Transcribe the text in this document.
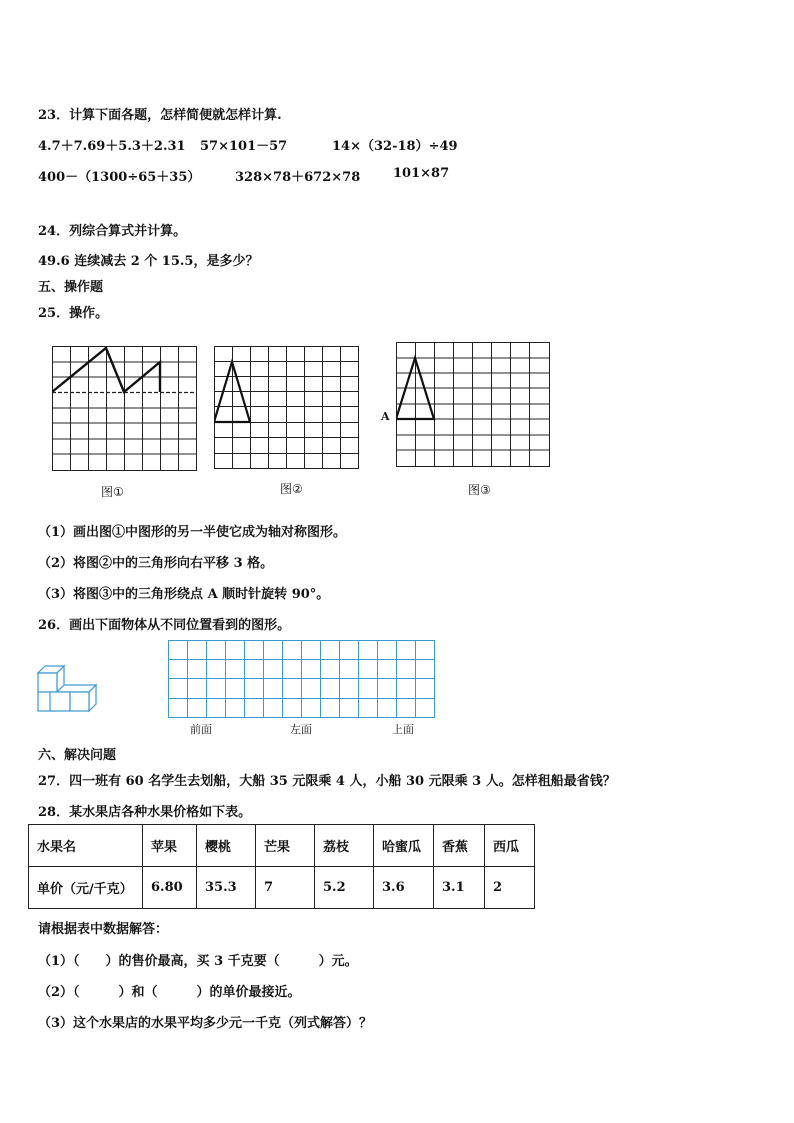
23．计算下面各题，怎样简便就怎样计算.
4.7＋7.69＋5.3＋2.31 57×101－57	14×（32-18）÷49
400－（1300÷65＋35）	328×78＋672×78	101×87
24．列综合算式并计算。
49.6 连续减去 2 个 15.5，是多少？
五、操作题
25．操作。
图①	图②
A
图③
（1）画出图①中图形的另一半使它成为轴对称图形。
（2）将图②中的三角形向右平移 3 格。
（3）将图③中的三角形绕点 A 顺时针旋转 90°。
26．画出下面物体从不同位置看到的图形。
前面	左面	上面
六、解决问题
27．四一班有 60 名学生去划船，大船 35 元限乘 4 人，小船 30 元限乘 3 人。怎样租船最省钱？
28．某水果店各种水果价格如下表。
水果名	苹果	樱桃	芒果	荔枝	哈蜜瓜	香蕉	西瓜
单价（元/千克）	6.80	35.3	7	5.2	3.6	3.1	2
请根据表中数据解答：
（1）（　　）的售价最高，买 3 千克要（　　　）元。
（2）（　　　）和（　　　）的单价最接近。
（3）这个水果店的水果平均多少元一千克（列式解答）？
